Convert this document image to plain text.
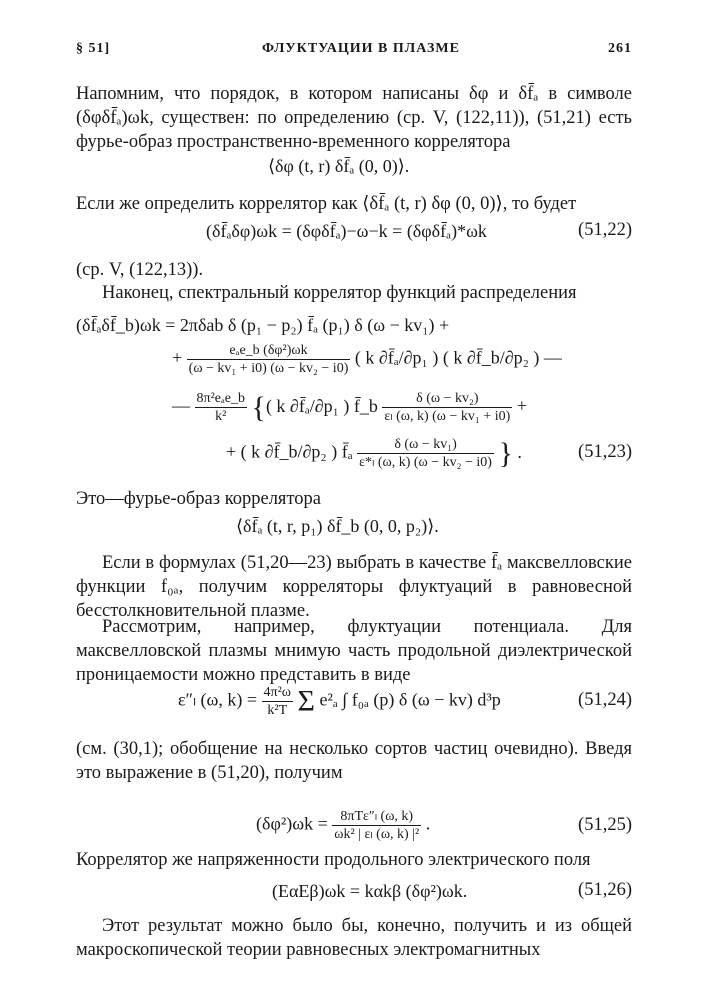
§ 51]	ФЛУКТУАЦИИ В ПЛАЗМЕ	261
Напомним, что порядок, в котором написаны δφ и δf̄ₐ в символе (δφδf̄ₐ)ωk, существен: по определению (ср. V, (122,11)), (51,21) есть фурье-образ пространственно-временного коррелятора
⟨δφ (t, r) δf̄ₐ (0, 0)⟩.
Если же определить коррелятор как ⟨δf̄ₐ (t, r) δφ (0, 0)⟩, то будет
(δf̄ₐδφ)ωk = (δφδf̄ₐ)−ω−k = (δφδf̄ₐ)*ωk	(51,22)
(ср. V, (122,13)).
Наконец, спектральный коррелятор функций распределения
(δf̄ₐδf̄_b)ωk = 2πδab δ (p₁ − p₂) f̄ₐ (p₁) δ (ω − kv₁) +
+ $\frac{\text{eₐe\_b (δφ²)ωk}}{\text{(ω − kv₁ + i0) (ω − kv₂ − i0)}}$ ( k ∂f̄ₐ/∂p₁ ) ( k ∂f̄_b/∂p₂ ) —
— $\frac{\text{8π²eₐe\_b}}{\text{k²}}$ {( k ∂f̄ₐ/∂p₁ ) f̄_b $\frac{\text{δ (ω − kv₂)}}{\text{εₗ (ω, k) (ω − kv₁ + i0)}}$ +
+ ( k ∂f̄_b/∂p₂ ) f̄ₐ $\frac{\text{δ (ω − kv₁)}}{\text{ε*ₗ (ω, k) (ω − kv₂ − i0)}}$ } .	(51,23)
Это—фурье-образ коррелятора
⟨δf̄ₐ (t, r, p₁) δf̄_b (0, 0, p₂)⟩.
Если в формулах (51,20—23) выбрать в качестве f̄ₐ максвелловские функции f₀ₐ, получим корреляторы флуктуаций в равновесной бесстолкновительной плазме.
Рассмотрим, например, флуктуации потенциала. Для максвелловской плазмы мнимую часть продольной диэлектрической проницаемости можно представить в виде
ε″ₗ (ω, $k) = \frac{\text{4π²ω}}{\text{k²T}}$ Σ e²ₐ ∫ f₀ₐ (p) δ (ω − kv) d³p	(51,24)
(см. (30,1); обобщение на несколько сортов частиц очевидно). Введя это выражение в (51,20), получим
$(\delta\varphi^2)\omega k = \frac{\text{8πTε″ₗ (ω, k)}}{\text{ωk² | εₗ (ω, k) |²}}$ .	(51,25)
Коррелятор же напряженности продольного электрического поля
(EαEβ)ωk = kαkβ (δφ²)ωk.	(51,26)
Этот результат можно было бы, конечно, получить и из общей макроскопической теории равновесных электромагнитных
